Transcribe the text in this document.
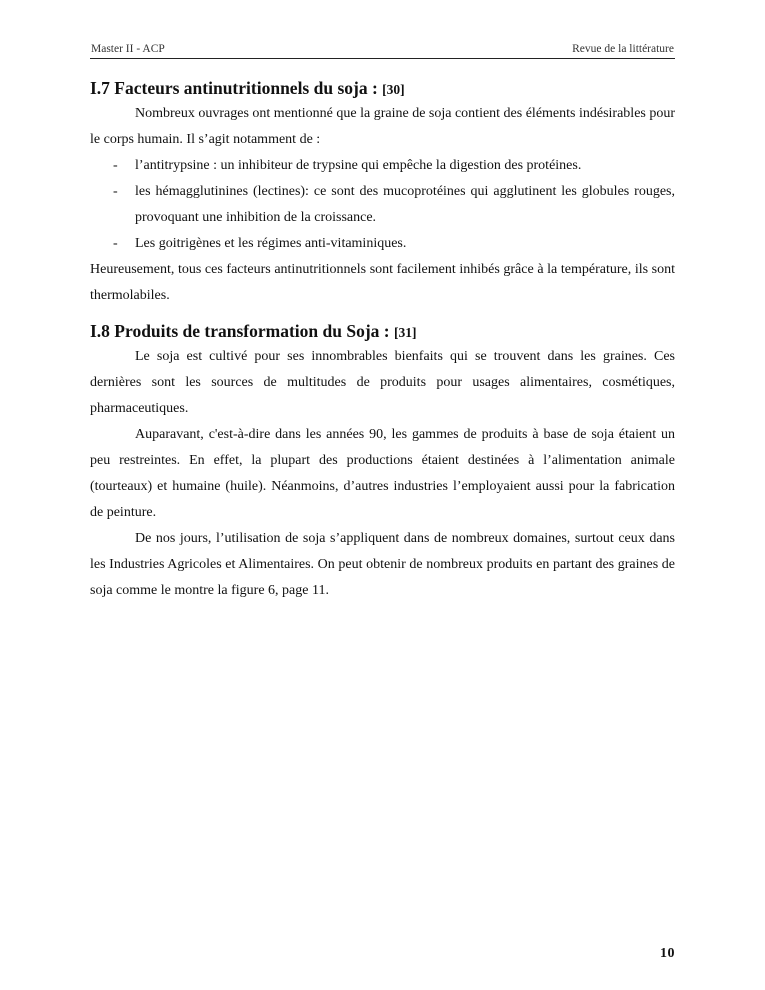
Master II - ACP	Revue de la littérature
I.7 Facteurs antinutritionnels du soja : [30]

Nombreux ouvrages ont mentionné que la graine de soja contient des éléments indésirables pour le corps humain. Il s’agit notamment de :

- l’antitrypsine : un inhibiteur de trypsine qui empêche la digestion des protéines.
- les hémagglutinines (lectines): ce sont des mucoprotéines qui agglutinent les globules rouges, provoquant une inhibition de la croissance.
- Les goitrigènes et les régimes anti-vitaminiques.

Heureusement, tous ces facteurs antinutritionnels sont facilement inhibés grâce à la température, ils sont thermolabiles.

I.8 Produits de transformation du Soja : [31]

Le soja est cultivé pour ses innombrables bienfaits qui se trouvent dans les graines. Ces dernières sont les sources de multitudes de produits pour usages alimentaires, cosmétiques, pharmaceutiques.

Auparavant, c'est-à-dire dans les années 90, les gammes de produits à base de soja étaient un peu restreintes. En effet, la plupart des productions étaient destinées à l’alimentation animale (tourteaux) et humaine (huile). Néanmoins, d’autres industries l’employaient aussi pour la fabrication de peinture.

De nos jours, l’utilisation de soja s’appliquent dans de nombreux domaines, surtout ceux dans les Industries Agricoles et Alimentaires. On peut obtenir de nombreux produits en partant des graines de soja comme le montre la figure 6, page 11.

10
